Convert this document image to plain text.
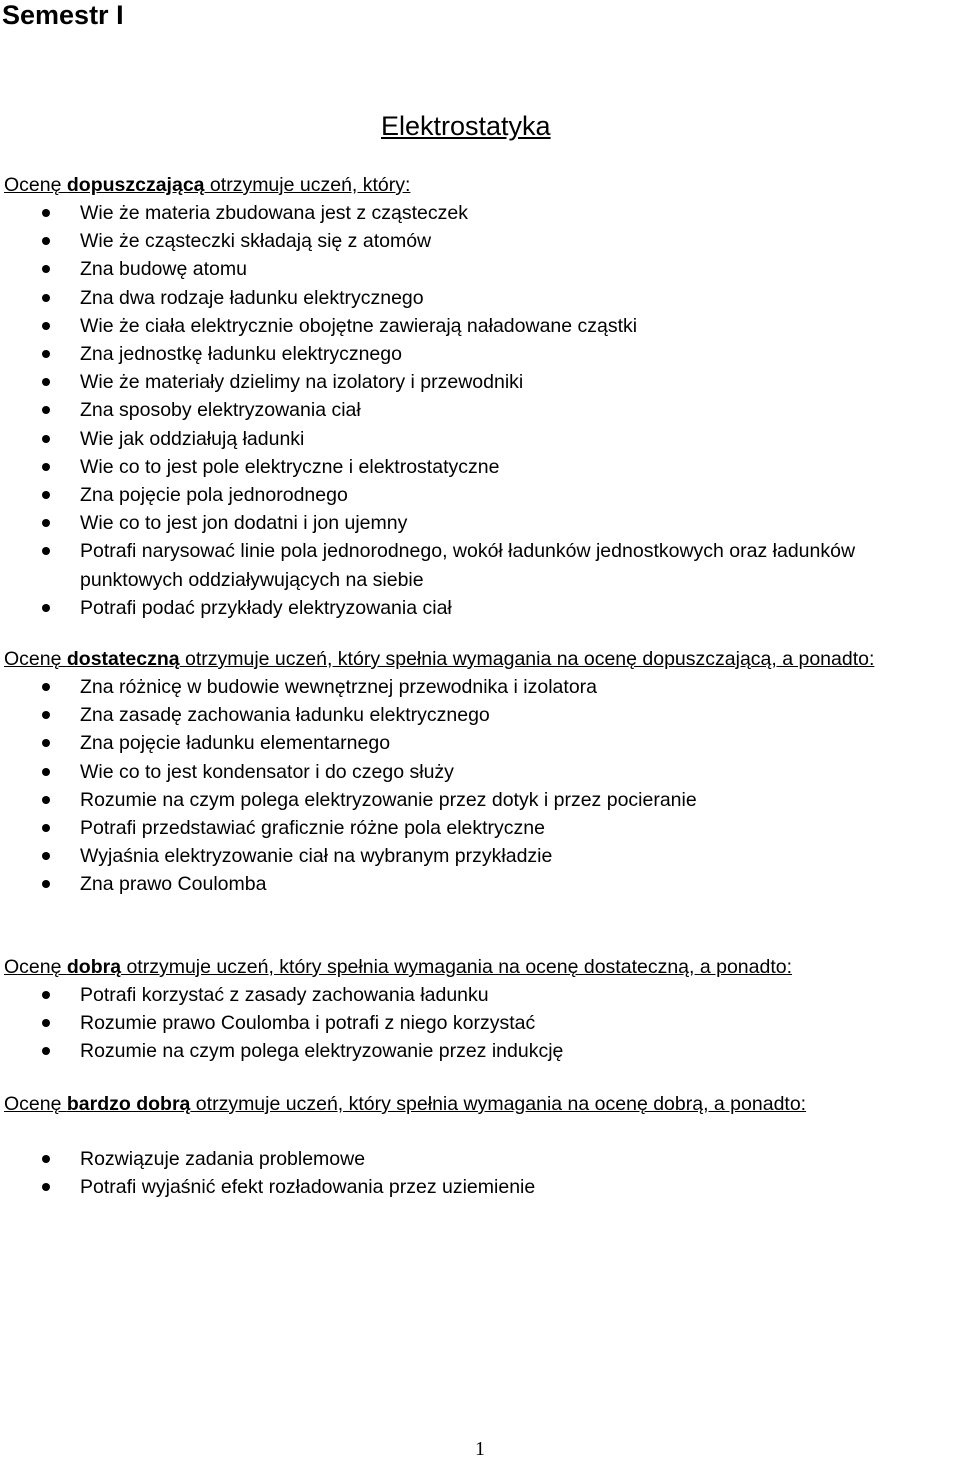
Semestr I
Elektrostatyka

Ocenę dopuszczającą otrzymuje uczeń, który:

Wie że materia zbudowana jest z cząsteczek
Wie że cząsteczki składają się z atomów
Zna budowę atomu
Zna dwa rodzaje ładunku elektrycznego
Wie że ciała elektrycznie obojętne zawierają naładowane cząstki
Zna jednostkę ładunku elektrycznego
Wie że materiały dzielimy na izolatory i przewodniki
Zna sposoby elektryzowania ciał
Wie jak oddziałują ładunki
Wie co to jest pole elektryczne i elektrostatyczne
Zna pojęcie pola jednorodnego
Wie co to jest jon dodatni i jon ujemny
Potrafi narysować linie pola jednorodnego, wokół ładunków jednostkowych oraz ładunków punktowych oddziaływujących na siebie
Potrafi podać przykłady elektryzowania ciał

Ocenę dostateczną otrzymuje uczeń, który spełnia wymagania na ocenę dopuszczającą, a ponadto:

Zna różnicę w budowie wewnętrznej przewodnika i izolatora
Zna zasadę zachowania ładunku elektrycznego
Zna pojęcie ładunku elementarnego
Wie co to jest kondensator i do czego służy
Rozumie na czym polega elektryzowanie przez dotyk i przez pocieranie
Potrafi przedstawiać graficznie różne pola elektryczne
Wyjaśnia elektryzowanie ciał na wybranym przykładzie
Zna prawo Coulomba

Ocenę dobrą otrzymuje uczeń, który spełnia wymagania na ocenę dostateczną, a ponadto:

Potrafi korzystać z zasady zachowania ładunku
Rozumie prawo Coulomba i potrafi z niego korzystać
Rozumie na czym polega elektryzowanie przez indukcję

Ocenę bardzo dobrą otrzymuje uczeń, który spełnia wymagania na ocenę dobrą, a ponadto:

Rozwiązuje zadania problemowe
Potrafi wyjaśnić efekt rozładowania przez uziemienie
1
